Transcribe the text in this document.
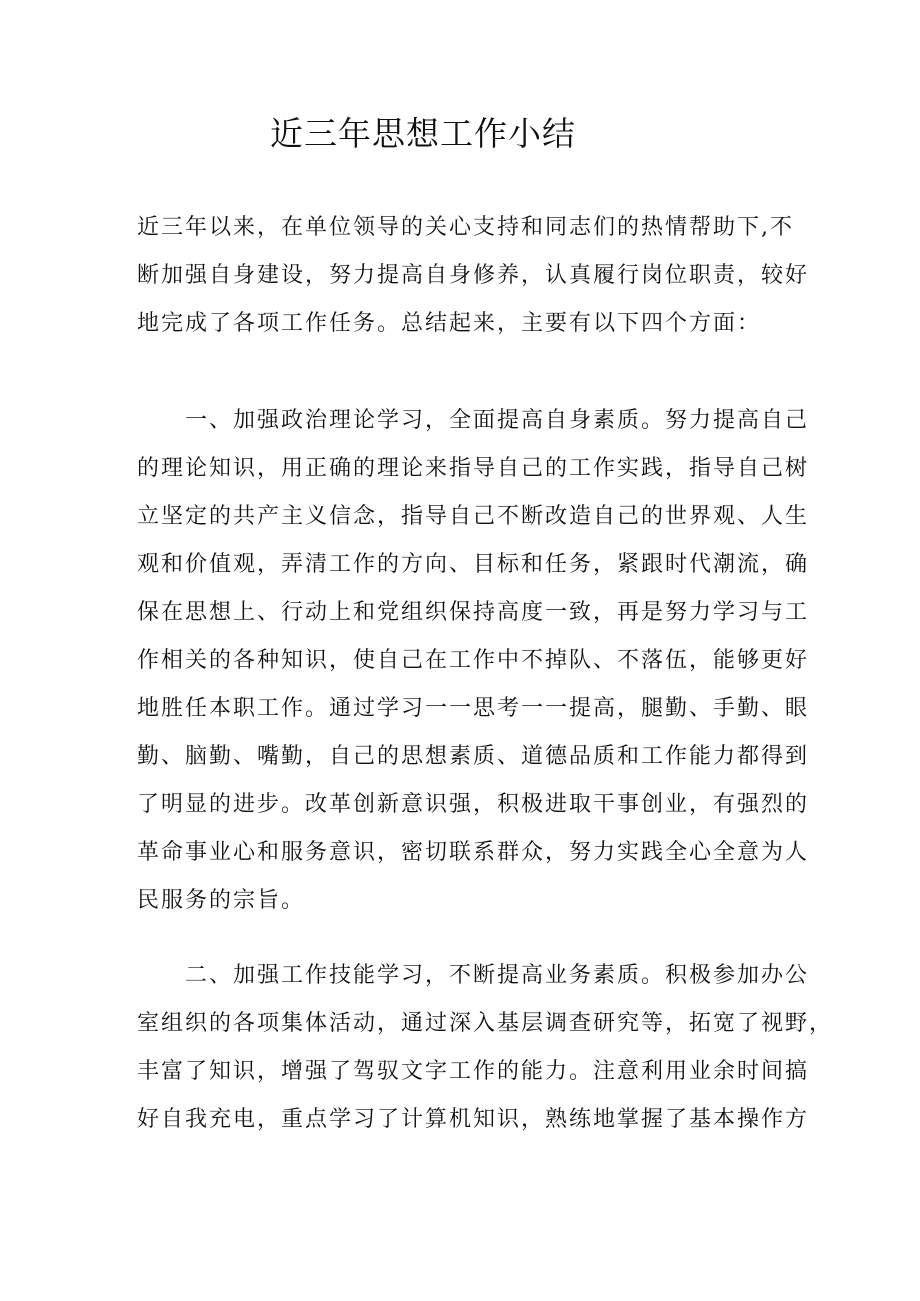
近三年思想工作小结

近三年以来，在单位领导的关心支持和同志们的热情帮助下,不
断加强自身建设，努力提高自身修养，认真履行岗位职责，较好
地完成了各项工作任务。总结起来，主要有以下四个方面：

　　一、加强政治理论学习，全面提高自身素质。努力提高自己
的理论知识，用正确的理论来指导自己的工作实践，指导自己树
立坚定的共产主义信念，指导自己不断改造自己的世界观、人生
观和价值观，弄清工作的方向、目标和任务，紧跟时代潮流，确
保在思想上、行动上和党组织保持高度一致，再是努力学习与工
作相关的各种知识，使自己在工作中不掉队、不落伍，能够更好
地胜任本职工作。通过学习一一思考一一提高，腿勤、手勤、眼
勤、脑勤、嘴勤，自己的思想素质、道德品质和工作能力都得到
了明显的进步。改革创新意识强，积极进取干事创业，有强烈的
革命事业心和服务意识，密切联系群众，努力实践全心全意为人
民服务的宗旨。

　　二、加强工作技能学习，不断提高业务素质。积极参加办公
室组织的各项集体活动，通过深入基层调查研究等，拓宽了视野，
丰富了知识，增强了驾驭文字工作的能力。注意利用业余时间搞
好自我充电，重点学习了计算机知识，熟练地掌握了基本操作方
